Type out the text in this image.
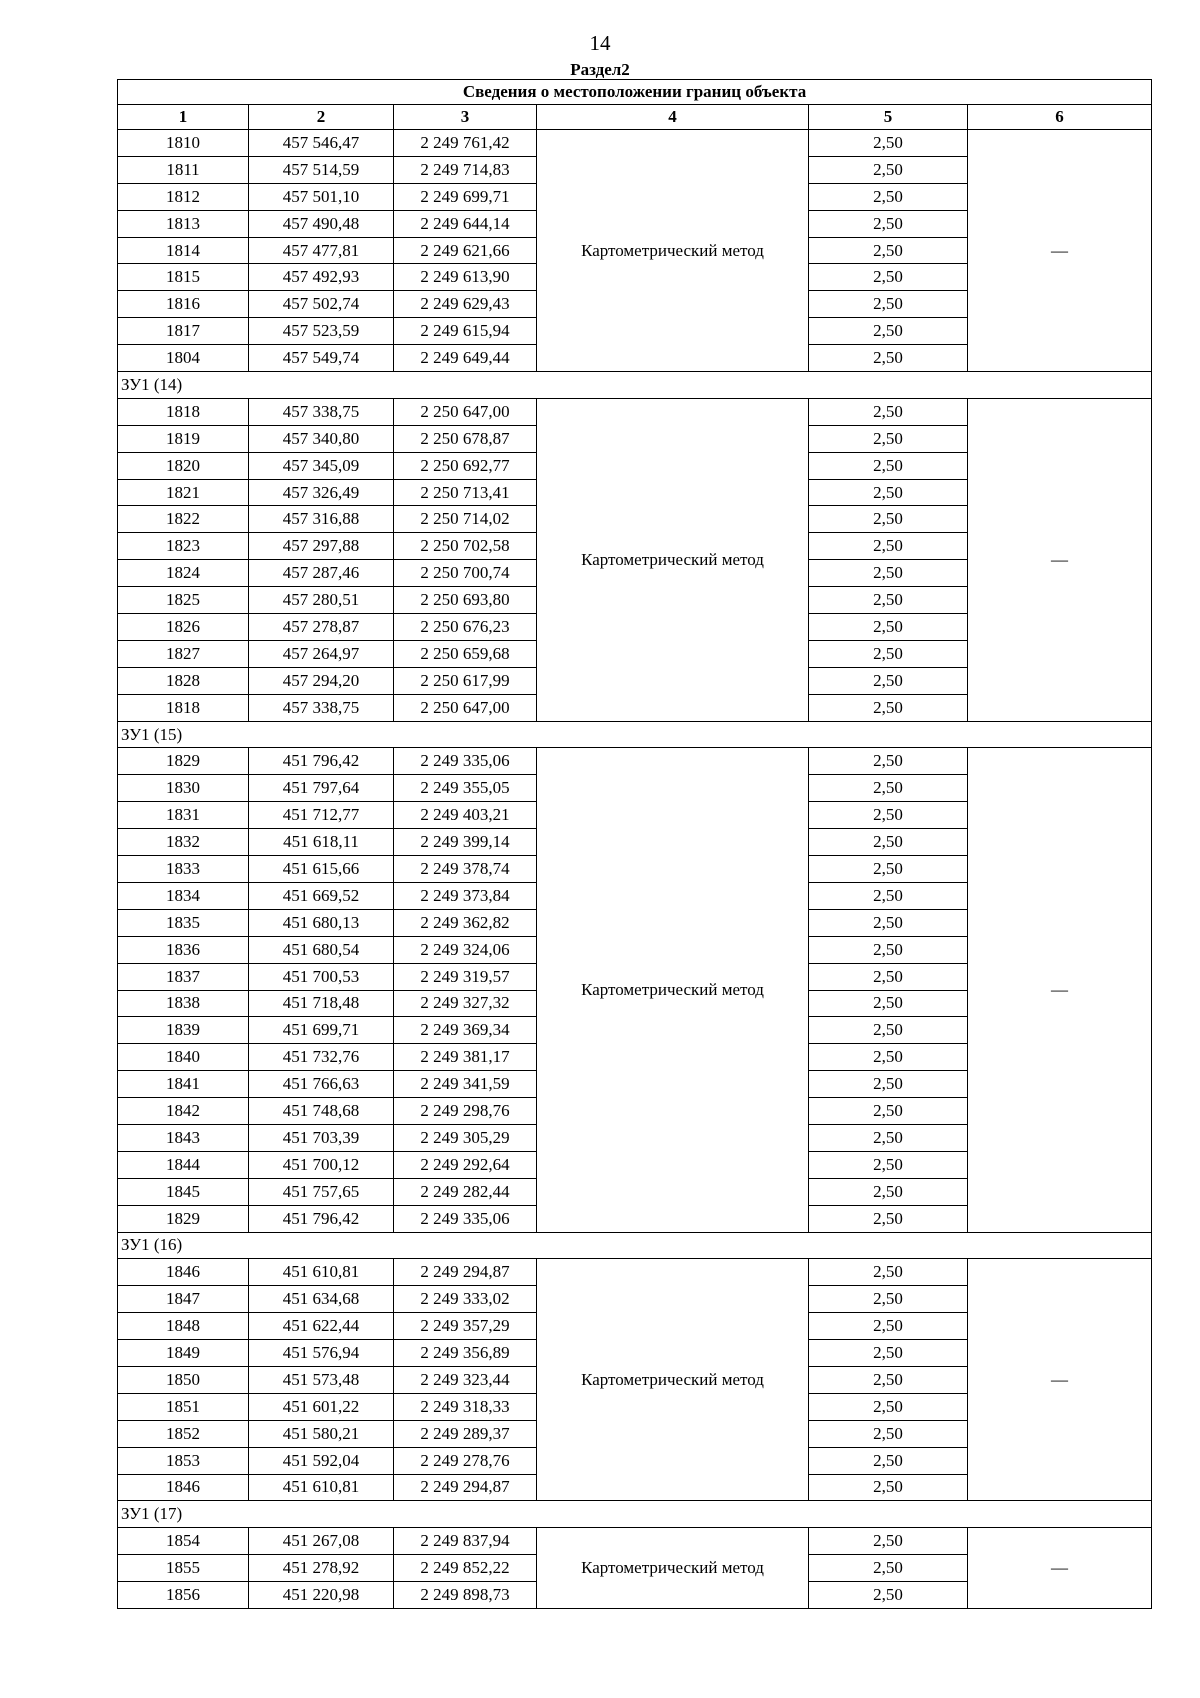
14
Раздел2
Сведения о местоположении границ объекта					
1	2	3	4	5	6
1810	457 546,47	2 249 761,42	Картометрический метод	2,50	—
1811	457 514,59	2 249 714,83		2,50	
1812	457 501,10	2 249 699,71		2,50	
1813	457 490,48	2 249 644,14		2,50	
1814	457 477,81	2 249 621,66		2,50	
1815	457 492,93	2 249 613,90		2,50	
1816	457 502,74	2 249 629,43		2,50	
1817	457 523,59	2 249 615,94		2,50	
1804	457 549,74	2 249 649,44		2,50	
ЗУ1 (14)					
1818	457 338,75	2 250 647,00	Картометрический метод	2,50	—
1819	457 340,80	2 250 678,87		2,50	
1820	457 345,09	2 250 692,77		2,50	
1821	457 326,49	2 250 713,41		2,50	
1822	457 316,88	2 250 714,02		2,50	
1823	457 297,88	2 250 702,58		2,50	
1824	457 287,46	2 250 700,74		2,50	
1825	457 280,51	2 250 693,80		2,50	
1826	457 278,87	2 250 676,23		2,50	
1827	457 264,97	2 250 659,68		2,50	
1828	457 294,20	2 250 617,99		2,50	
1818	457 338,75	2 250 647,00		2,50	
ЗУ1 (15)					
1829	451 796,42	2 249 335,06	Картометрический метод	2,50	—
1830	451 797,64	2 249 355,05		2,50	
1831	451 712,77	2 249 403,21		2,50	
1832	451 618,11	2 249 399,14		2,50	
1833	451 615,66	2 249 378,74		2,50	
1834	451 669,52	2 249 373,84		2,50	
1835	451 680,13	2 249 362,82		2,50	
1836	451 680,54	2 249 324,06		2,50	
1837	451 700,53	2 249 319,57		2,50	
1838	451 718,48	2 249 327,32		2,50	
1839	451 699,71	2 249 369,34		2,50	
1840	451 732,76	2 249 381,17		2,50	
1841	451 766,63	2 249 341,59		2,50	
1842	451 748,68	2 249 298,76		2,50	
1843	451 703,39	2 249 305,29		2,50	
1844	451 700,12	2 249 292,64		2,50	
1845	451 757,65	2 249 282,44		2,50	
1829	451 796,42	2 249 335,06		2,50	
ЗУ1 (16)					
1846	451 610,81	2 249 294,87	Картометрический метод	2,50	—
1847	451 634,68	2 249 333,02		2,50	
1848	451 622,44	2 249 357,29		2,50	
1849	451 576,94	2 249 356,89		2,50	
1850	451 573,48	2 249 323,44		2,50	
1851	451 601,22	2 249 318,33		2,50	
1852	451 580,21	2 249 289,37		2,50	
1853	451 592,04	2 249 278,76		2,50	
1846	451 610,81	2 249 294,87		2,50	
ЗУ1 (17)					
1854	451 267,08	2 249 837,94	Картометрический метод	2,50	—
1855	451 278,92	2 249 852,22		2,50	
1856	451 220,98	2 249 898,73		2,50	
